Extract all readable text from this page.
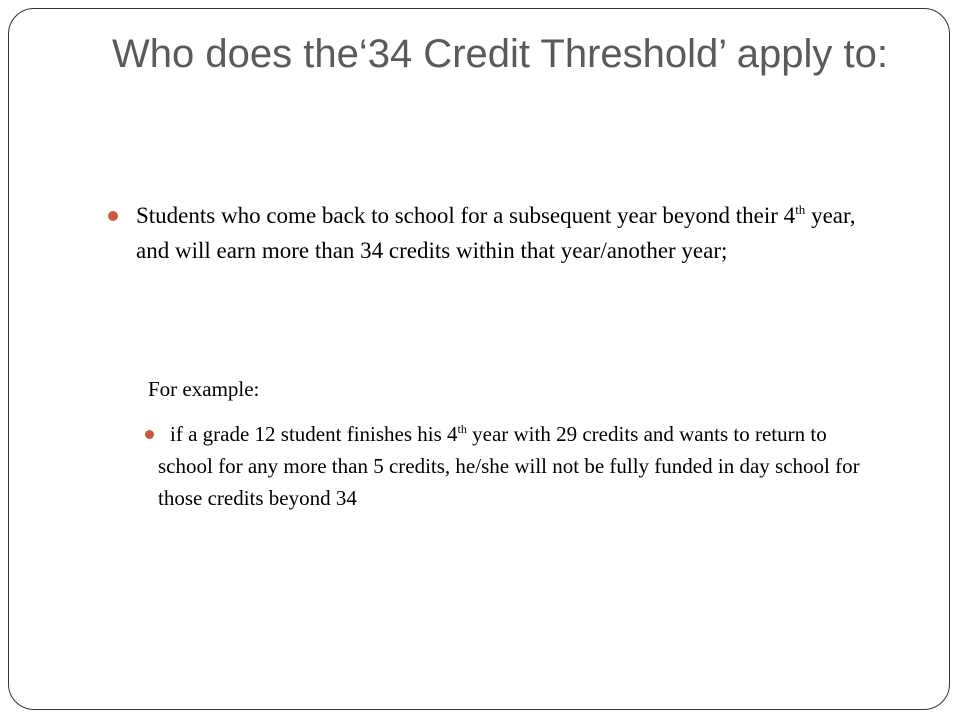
Who does the‘34 Credit Threshold’ apply to:
Students who come back to school for a subsequent year beyond their 4th year, and will earn more than 34 credits within that year/another year;
For example:
if a grade 12 student finishes his 4th year with 29 credits and wants to return to school for any more than 5 credits, he/she will not be fully funded in day school for those credits beyond 34
